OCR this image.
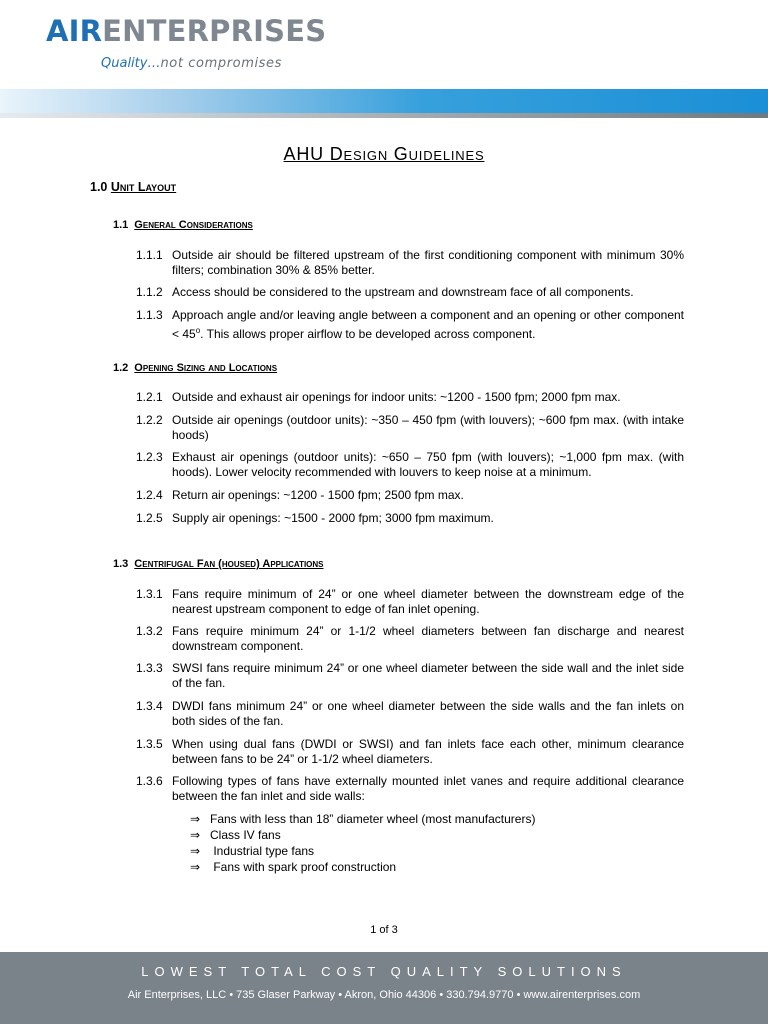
AIRENTERPRISES
Quality…not compromises
AHU Design Guidelines
1.0 Unit Layout
1.1 General Considerations
1.1.1 Outside air should be filtered upstream of the first conditioning component with minimum 30% filters; combination 30% & 85% better.
1.1.2 Access should be considered to the upstream and downstream face of all components.
1.1.3 Approach angle and/or leaving angle between a component and an opening or other component < $45^o$. This allows proper airflow to be developed across component.
1.2 Opening Sizing and Locations
1.2.1 Outside and exhaust air openings for indoor units: ~1200 - 1500 fpm; 2000 fpm max.
1.2.2 Outside air openings (outdoor units): ~350 – 450 fpm (with louvers); ~600 fpm max. (with intake hoods)
1.2.3 Exhaust air openings (outdoor units): ~650 – 750 fpm (with louvers); ~1,000 fpm max. (with hoods). Lower velocity recommended with louvers to keep noise at a minimum.
1.2.4 Return air openings: ~1200 - 1500 fpm; 2500 fpm max.
1.2.5 Supply air openings: ~1500 - 2000 fpm; 3000 fpm maximum.
1.3 Centrifugal Fan (housed) Applications
1.3.1 Fans require minimum of 24” or one wheel diameter between the downstream edge of the nearest upstream component to edge of fan inlet opening.
1.3.2 Fans require minimum 24” or 1-1/2 wheel diameters between fan discharge and nearest downstream component.
1.3.3 SWSI fans require minimum 24” or one wheel diameter between the side wall and the inlet side of the fan.
1.3.4 DWDI fans minimum 24” or one wheel diameter between the side walls and the fan inlets on both sides of the fan.
1.3.5 When using dual fans (DWDI or SWSI) and fan inlets face each other, minimum clearance between fans to be 24” or 1-1/2 wheel diameters.
1.3.6 Following types of fans have externally mounted inlet vanes and require additional clearance between the fan inlet and side walls:
⇒ Fans with less than 18” diameter wheel (most manufacturers)
⇒ Class IV fans
⇒ Industrial type fans
⇒ Fans with spark proof construction
1 of 3
LOWEST TOTAL COST QUALITY SOLUTIONS
Air Enterprises, LLC • 735 Glaser Parkway • Akron, Ohio 44306 • 330.794.9770 • www.airenterprises.com
